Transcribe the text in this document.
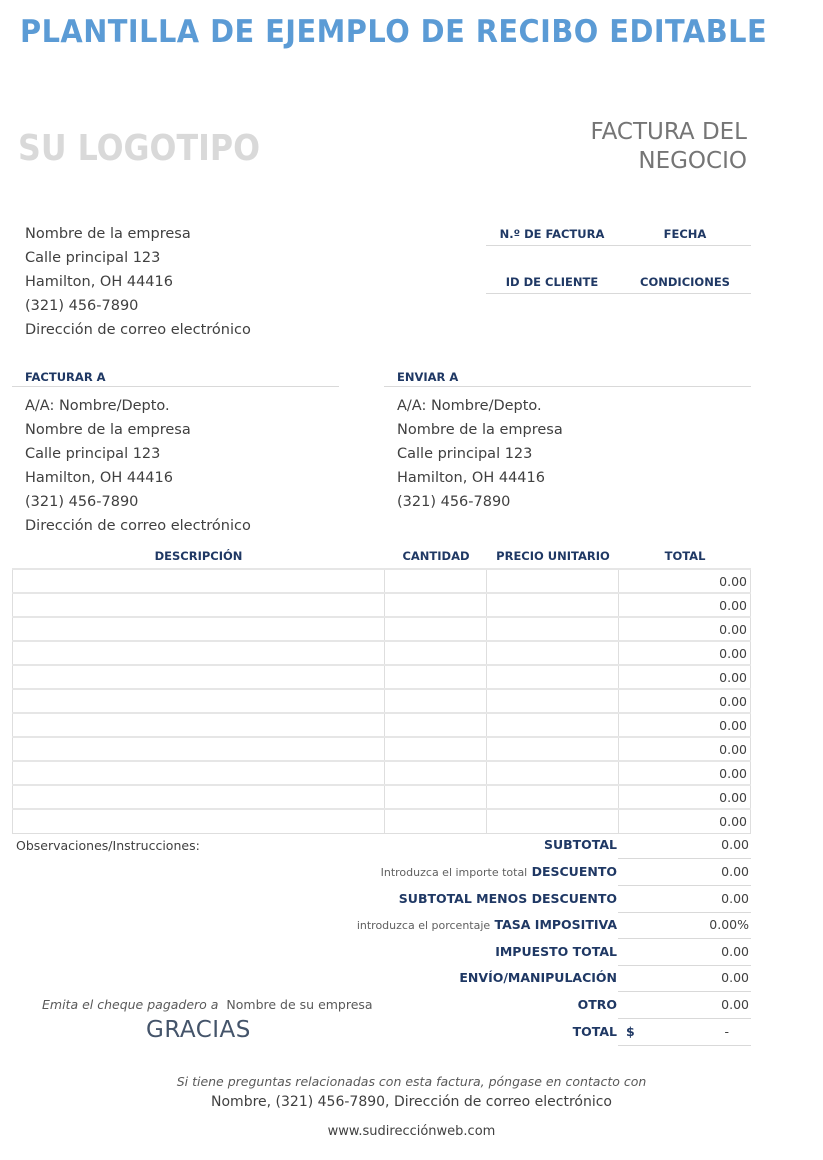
PLANTILLA DE EJEMPLO DE RECIBO EDITABLE
SU LOGOTIPO	FACTURA DEL
NEGOCIO
Nombre de la empresa
Calle principal 123
Hamilton, OH 44416
(321) 456-7890
Dirección de correo electrónico
N.º DE FACTURA	FECHA
ID DE CLIENTE	CONDICIONES
FACTURAR A
A/A: Nombre/Depto.
Nombre de la empresa
Calle principal 123
Hamilton, OH 44416
(321) 456-7890
Dirección de correo electrónico
ENVIAR A
A/A: Nombre/Depto.
Nombre de la empresa
Calle principal 123
Hamilton, OH 44416
(321) 456-7890
DESCRIPCIÓN	CANTIDAD	PRECIO UNITARIO	TOTAL
			0.00
			0.00
			0.00
			0.00
			0.00
			0.00
			0.00
			0.00
			0.00
			0.00
			0.00
Observaciones/Instrucciones:	SUBTOTAL	0.00
Introduzca el importe total DESCUENTO	0.00
SUBTOTAL MENOS DESCUENTO	0.00
introduzca el porcentaje TASA IMPOSITIVA	0.00%
IMPUESTO TOTAL	0.00
ENVÍO/MANIPULACIÓN	0.00
OTRO	0.00
TOTAL $	-
Emita el cheque pagadero a Nombre de su empresa
GRACIAS
Si tiene preguntas relacionadas con esta factura, póngase en contacto con
Nombre, (321) 456-7890, Dirección de correo electrónico
www.sudirecciónweb.com
